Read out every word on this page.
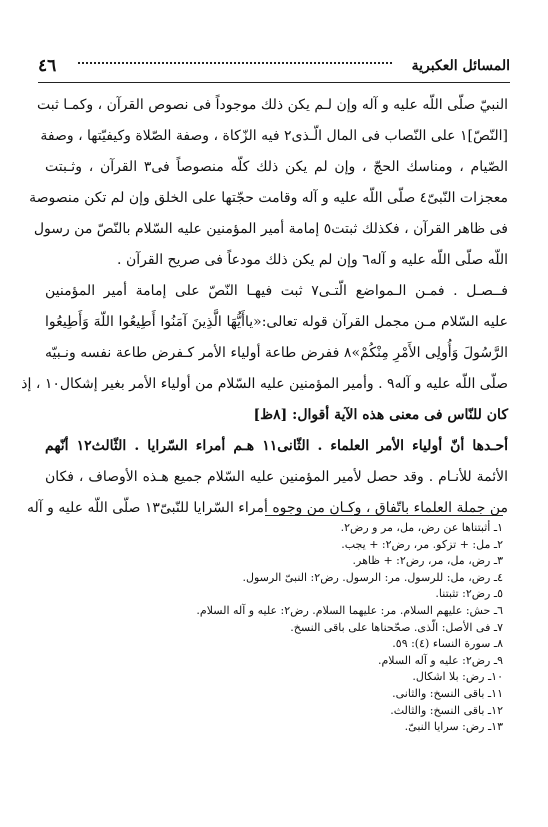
المسائل العكبرية
٤٦
النبيّ صلّی اللّه علیه و آله وإن لـم یکن ذلك موجوداً فی نصوص القرآن ، وكمـا ثبت
[النّصّ]١ على النّصاب فی المال الّـذی٢ فیه الزّکاة ، وصفة الصّلاة وکیفیّتها ، وصفة
الصّیام ، ومناسك الحجّ ، وإن لم یکن ذلك كلّه منصوصاً فی٣ القرآن ، وثـبتت
معجزات النّبیّ٤ صلّی اللّه علیه و آله وقامت حجّتها على الخلق وإن لم تكن منصوصة
فی ظاهر القرآن ، فكذلك ثبتت٥ إمامة أمیر المؤمنین علیه السّلام بالنّصّ من رسول
اللّه صلّی اللّه علیه و آله٦ وإن لم یکن ذلك مودعاً فی صریح القرآن .
فــصـل . فمـن الـمواضع الّتـی٧ ثبت فیهـا النّصّ على إمامة أمیر المؤمنین
علیه السّلام مـن مجمل القرآن قوله تعالى:«یاأَیُّهَا الَّذِینَ آمَنُوا أَطِیعُوا اللّهَ وَأَطِیعُوا
الرَّسُولَ وَأُولِی الأَمْرِ مِنْکُمْ»٨ ففرض طاعة أولیاء الأمر كـفرض طاعة نفسه ونـبیّه
صلّی اللّه علیه و آله٩ . وأمیر المؤمنین علیه السّلام من أولیاء الأمر بغیر إشكال١٠ ، إذ
كان للنّاس فی معنى هذه الآیة أقوال: [٨ظ]
أحـدها أنّ أولیاء الأمر العلماء . الثّانی١١ هـم أمراء السّرایا . الثّالث١٢ أنّهم
الأئمة للأنـام . وقد حصل لأمیر المؤمنین علیه السّلام جمیع هـذه الأوصاف ، فكان
من جملة العلماء باتّفاق ، وكـان من وجوه أمراء السّرایا للنّبیّ١٣ صلّی اللّه علیه و آله
١ـ أثبتناها عن رض، مل، مر و رض٢.
٢ـ مل: + تزکو. مر، رض٢: + یجب.
٣ـ رض، مل، مر، رض٢: + ظاهر.
٤ـ رض، مل: للرسول. مر: الرسول. رض٢: النبیّ الرسول.
٥ـ رض٢: تثبتنا.
٦ـ حش: علیهم السلام. مر: علیهما السلام. رض٢: علیه و آله السلام.
٧ـ فی الأصل: الّذی. صحّحناها على باقی النسخ.
٨ـ سورة النساء (٤): ٥٩.
٩ـ رض٢: علیه و آله السلام.
١٠ـ رض: بلا اشكال.
١١ـ باقی النسخ: والثانی.
١٢ـ باقی النسخ: والثالث.
١٣ـ رض: سرایا النبیّ.
